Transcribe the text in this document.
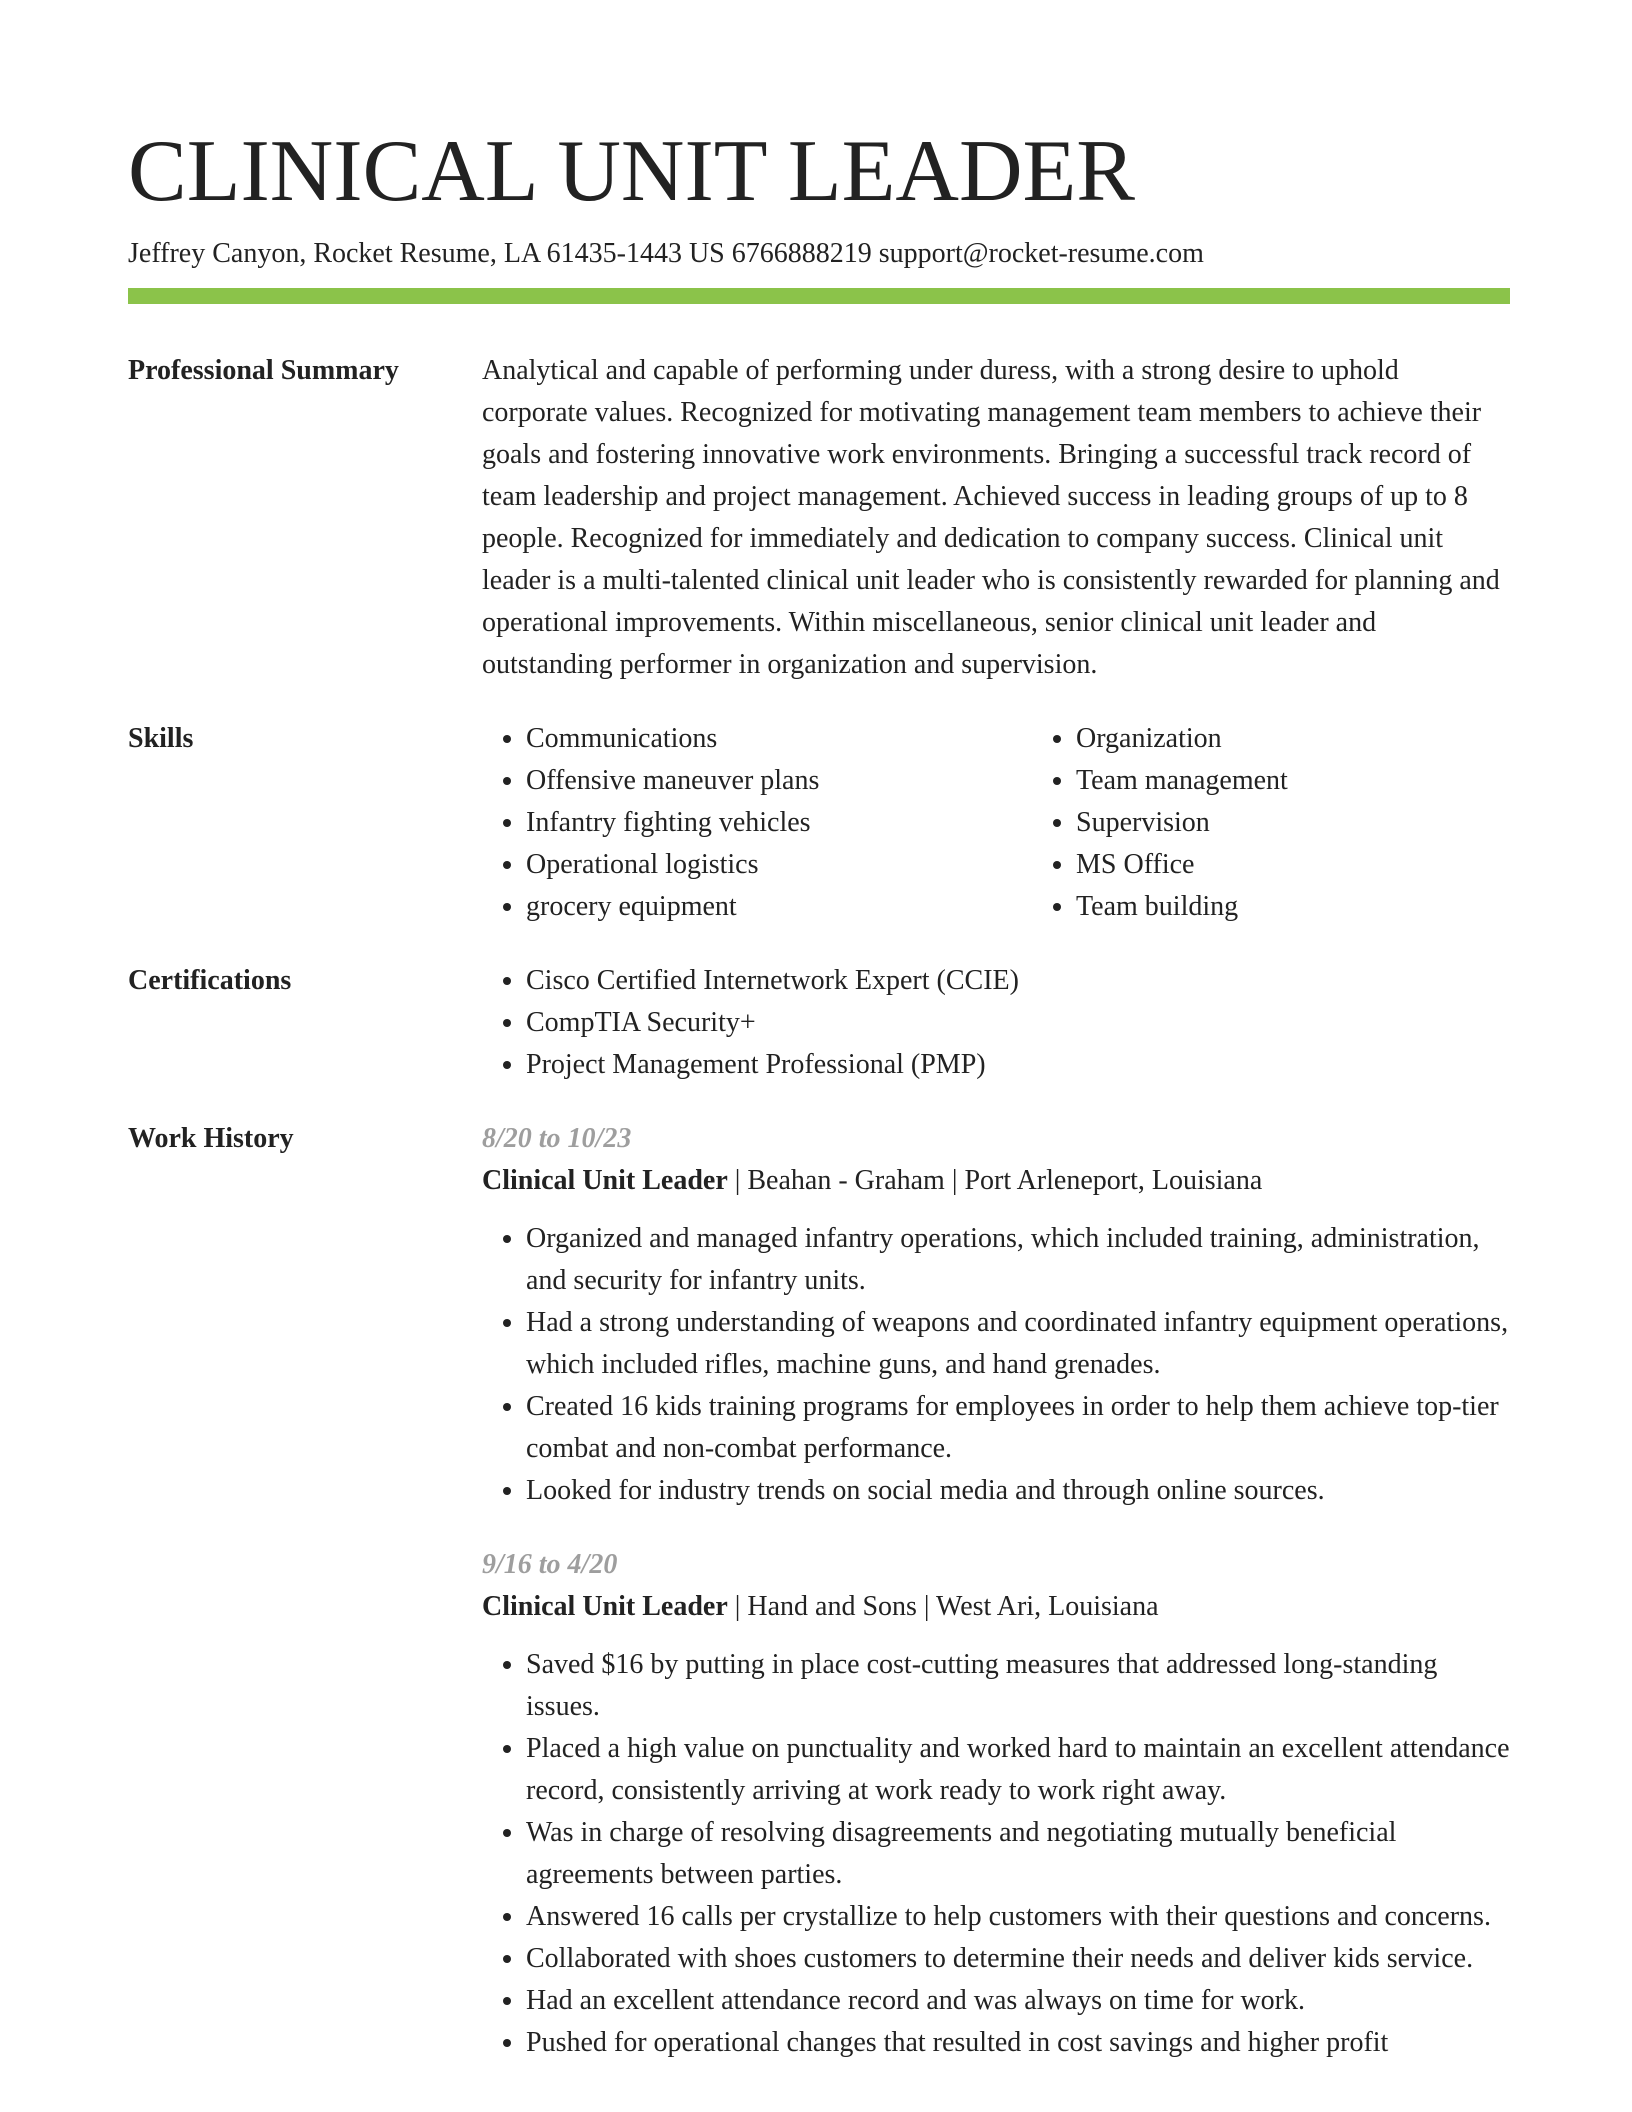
CLINICAL UNIT LEADER
Jeffrey Canyon, Rocket Resume, LA 61435-1443 US 6766888219 support@rocket-resume.com
Professional Summary	Analytical and capable of performing under duress, with a strong desire to uphold corporate values. Recognized for motivating management team members to achieve their goals and fostering innovative work environments. Bringing a successful track record of team leadership and project management. Achieved success in leading groups of up to 8 people. Recognized for immediately and dedication to company success. Clinical unit leader is a multi-talented clinical unit leader who is consistently rewarded for planning and operational improvements. Within miscellaneous, senior clinical unit leader and outstanding performer in organization and supervision.

Skills	• Communications
• Offensive maneuver plans
• Infantry fighting vehicles
• Operational logistics
• grocery equipment
• Organization
• Team management
• Supervision
• MS Office
• Team building
Certifications	• Cisco Certified Internetwork Expert (CCIE)
• CompTIA Security+
• Project Management Professional (PMP)
Work History	8/20 to 10/23
Clinical Unit Leader | Beahan - Graham | Port Arleneport, Louisiana
• Organized and managed infantry operations, which included training, administration, and security for infantry units.
• Had a strong understanding of weapons and coordinated infantry equipment operations, which included rifles, machine guns, and hand grenades.
• Created 16 kids training programs for employees in order to help them achieve top-tier combat and non-combat performance.
• Looked for industry trends on social media and through online sources.
9/16 to 4/20
Clinical Unit Leader | Hand and Sons | West Ari, Louisiana
• Saved $16 by putting in place cost-cutting measures that addressed long-standing issues.
• Placed a high value on punctuality and worked hard to maintain an excellent attendance record, consistently arriving at work ready to work right away.
• Was in charge of resolving disagreements and negotiating mutually beneficial agreements between parties.
• Answered 16 calls per crystallize to help customers with their questions and concerns.
• Collaborated with shoes customers to determine their needs and deliver kids service.
• Had an excellent attendance record and was always on time for work.
• Pushed for operational changes that resulted in cost savings and higher profit
